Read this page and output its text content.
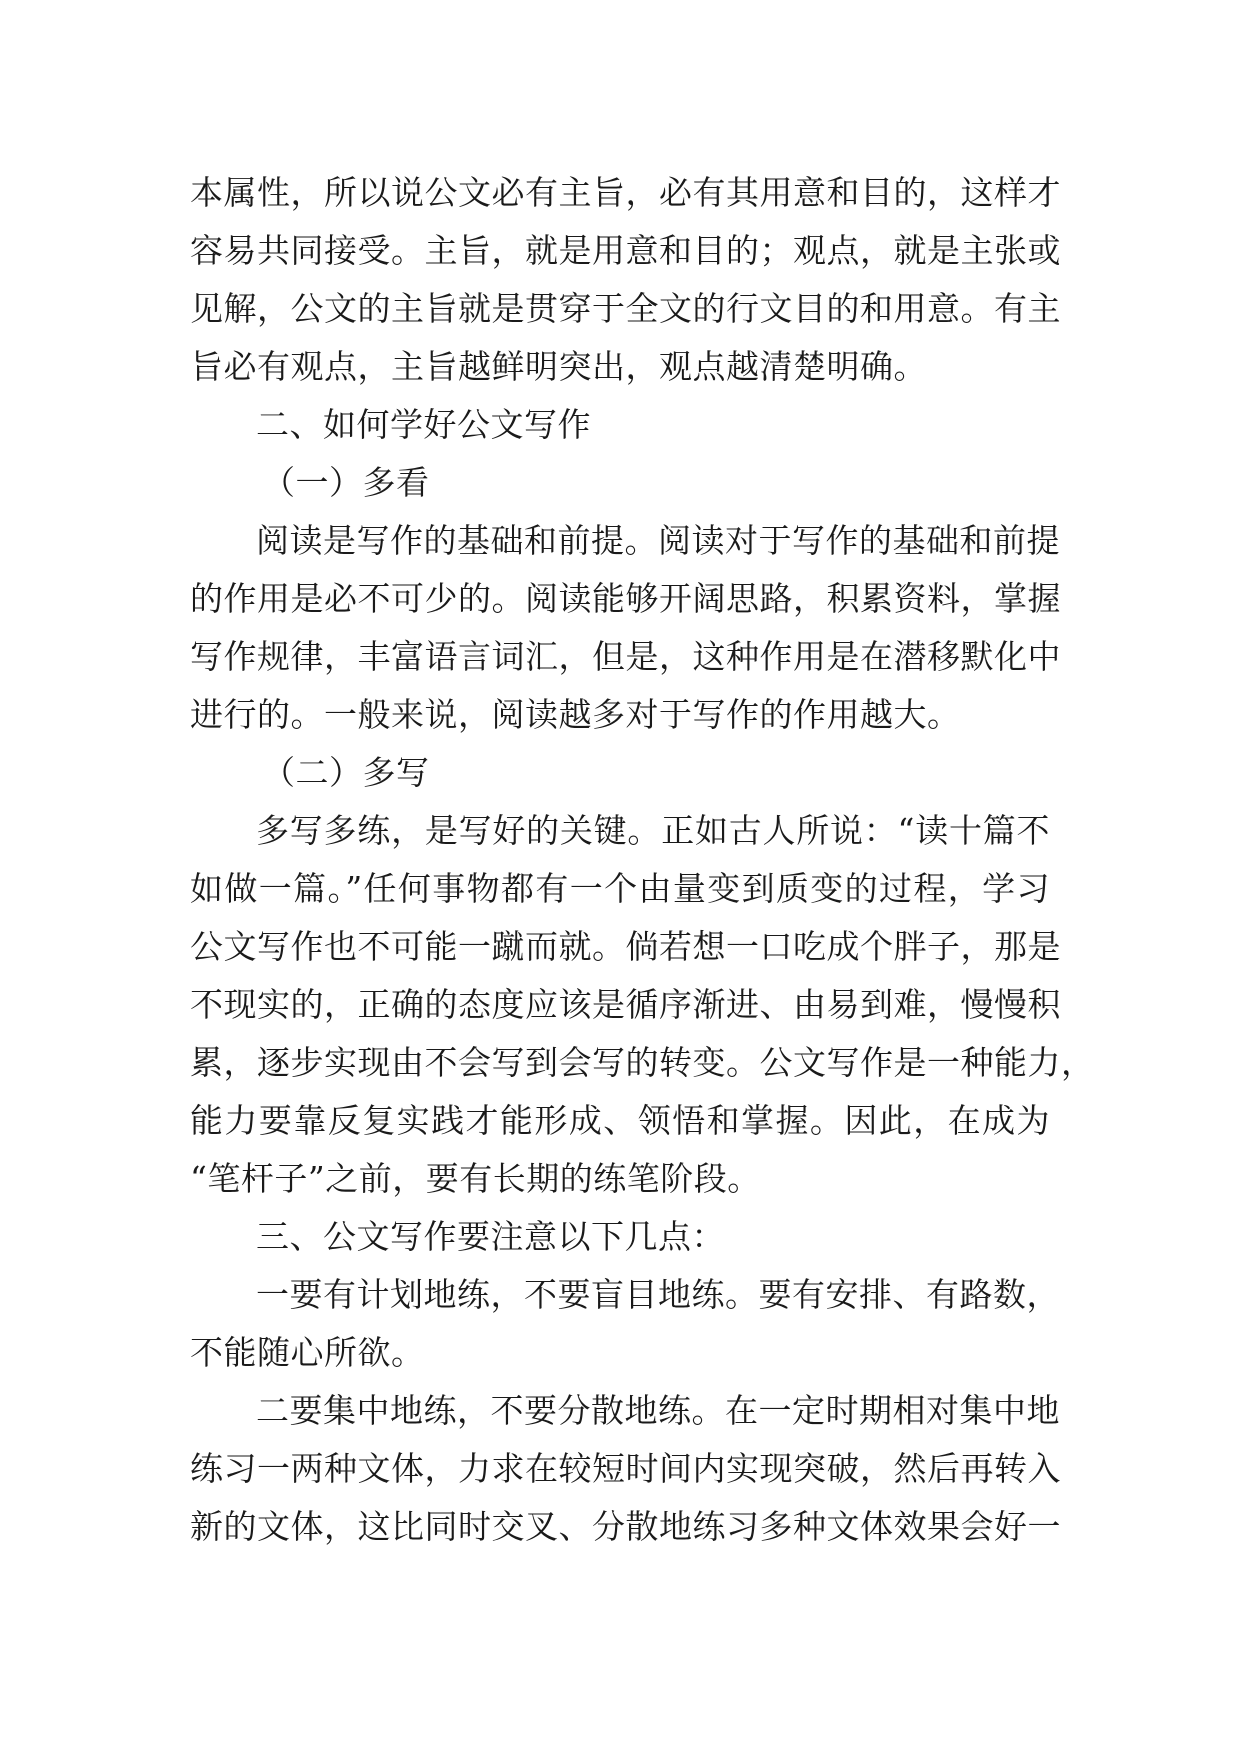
本属性，所以说公文必有主旨，必有其用意和目的，这样才
容易共同接受。主旨，就是用意和目的；观点，就是主张或
见解，公文的主旨就是贯穿于全文的行文目的和用意。有主
旨必有观点，主旨越鲜明突出，观点越清楚明确。
二、如何学好公文写作
（一）多看
阅读是写作的基础和前提。阅读对于写作的基础和前提
的作用是必不可少的。阅读能够开阔思路，积累资料，掌握
写作规律，丰富语言词汇，但是，这种作用是在潜移默化中
进行的。一般来说，阅读越多对于写作的作用越大。
（二）多写
多写多练，是写好的关键。正如古人所说：“读十篇不
如做一篇。”任何事物都有一个由量变到质变的过程，学习
公文写作也不可能一蹴而就。倘若想一口吃成个胖子，那是
不现实的，正确的态度应该是循序渐进、由易到难，慢慢积
累，逐步实现由不会写到会写的转变。公文写作是一种能力，
能力要靠反复实践才能形成、领悟和掌握。因此，在成为
“笔杆子”之前，要有长期的练笔阶段。
三、公文写作要注意以下几点：
一要有计划地练，不要盲目地练。要有安排、有路数，
不能随心所欲。
二要集中地练，不要分散地练。在一定时期相对集中地
练习一两种文体，力求在较短时间内实现突破，然后再转入
新的文体，这比同时交叉、分散地练习多种文体效果会好一
